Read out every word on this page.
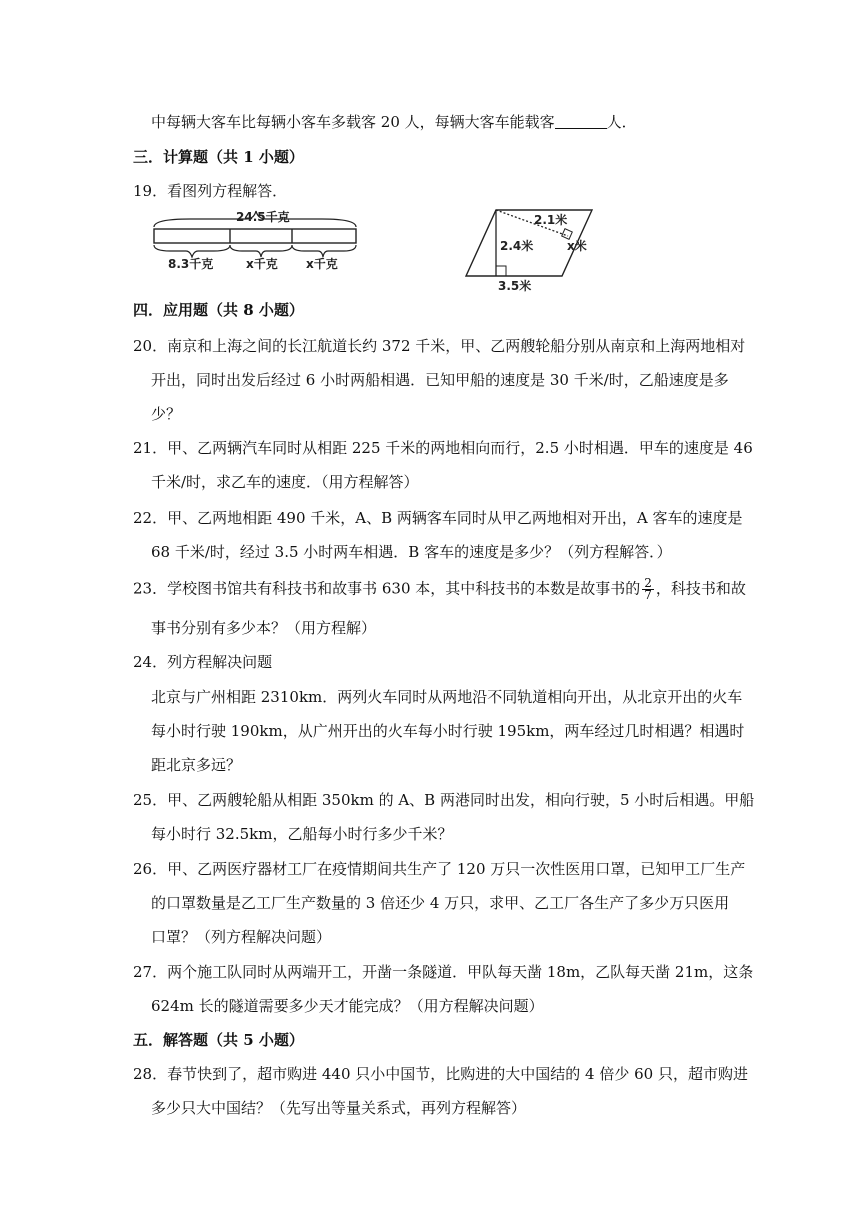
中每辆大客车比每辆小客车多载客 20 人，每辆大客车能载客	人．
三．计算题（共 1 小题）
19．看图列方程解答．
24.5千克
8.3千克	x千克 x千克
2.1米
2.4米	x米
3.5米
四．应用题（共 8 小题）
20．南京和上海之间的长江航道长约 372 千米，甲、乙两艘轮船分别从南京和上海两地相对
开出，同时出发后经过 6 小时两船相遇．已知甲船的速度是 30 千米/时，乙船速度是多
少？
21．甲、乙两辆汽车同时从相距 225 千米的两地相向而行，2.5 小时相遇．甲车的速度是 46
千米/时，求乙车的速度．（用方程解答）
22．甲、乙两地相距 490 千米，A、B 两辆客车同时从甲乙两地相对开出，A 客车的速度是
68 千米/时，经过 3.5 小时两车相遇．B 客车的速度是多少？（列方程解答．）
23．学校图书馆共有科技书和故事书 630 本，其中科技书的本数是故事书的 $\frac{2}{7}$ ，科技书和故
事书分别有多少本？（用方程解）
24．列方程解决问题
北京与广州相距 2310km．两列火车同时从两地沿不同轨道相向开出，从北京开出的火车
每小时行驶 190km，从广州开出的火车每小时行驶 195km，两车经过几时相遇？相遇时
距北京多远？
25．甲、乙两艘轮船从相距 350km 的 A、B 两港同时出发，相向行驶，5 小时后相遇。甲船
每小时行 32.5km，乙船每小时行多少千米？
26．甲、乙两医疗器材工厂在疫情期间共生产了 120 万只一次性医用口罩，已知甲工厂生产
的口罩数量是乙工厂生产数量的 3 倍还少 4 万只，求甲、乙工厂各生产了多少万只医用
口罩？（列方程解决问题）
27．两个施工队同时从两端开工，开凿一条隧道．甲队每天凿 18m，乙队每天凿 21m，这条
624m 长的隧道需要多少天才能完成？（用方程解决问题）
五．解答题（共 5 小题）
28．春节快到了，超市购进 440 只小中国节，比购进的大中国结的 4 倍少 60 只，超市购进
多少只大中国结？（先写出等量关系式，再列方程解答）
